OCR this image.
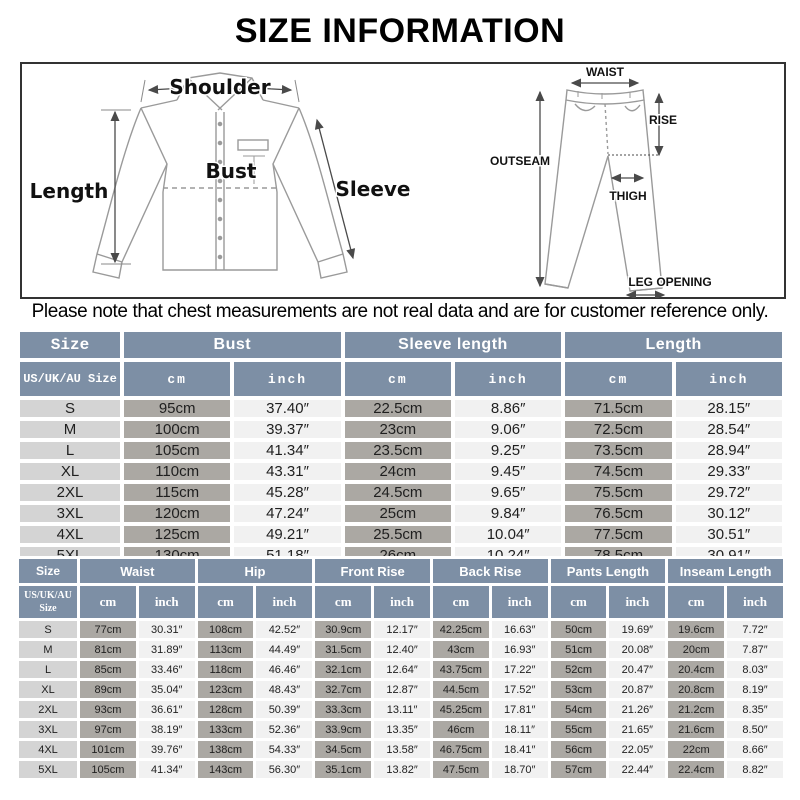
SIZE INFORMATION
Shoulder
Length
Bust
Sleeve
WAIST
RISE
OUTSEAM
THIGH
LEG OPENING
Please note that chest measurements are not real data and are for customer reference only.
Size	Bust		Sleeve length		Length	
US/UK/AU Size	cm	inch	cm	inch	cm	inch
S	95cm	37.40″	22.5cm	8.86″	71.5cm	28.15″
M	100cm	39.37″	23cm	9.06″	72.5cm	28.54″
L	105cm	41.34″	23.5cm	9.25″	73.5cm	28.94″
XL	110cm	43.31″	24cm	9.45″	74.5cm	29.33″
2XL	115cm	45.28″	24.5cm	9.65″	75.5cm	29.72″
3XL	120cm	47.24″	25cm	9.84″	76.5cm	30.12″
4XL	125cm	49.21″	25.5cm	10.04″	77.5cm	30.51″

Size	Waist		Hip		Front Rise		Back Rise		Pants Length		Inseam Length	
US/UK/AU Size	cm	inch	cm	inch	cm	inch	cm	inch	cm	inch	cm	inch
S	77cm	30.31″	108cm	42.52″	30.9cm	12.17″	42.25cm	16.63″	50cm	19.69″	19.6cm	7.72″
M	81cm	31.89″	113cm	44.49″	31.5cm	12.40″	43cm	16.93″	51cm	20.08″	20cm	7.87″
L	85cm	33.46″	118cm	46.46″	32.1cm	12.64″	43.75cm	17.22″	52cm	20.47″	20.4cm	8.03″
XL	89cm	35.04″	123cm	48.43″	32.7cm	12.87″	44.5cm	17.52″	53cm	20.87″	20.8cm	8.19″
2XL	93cm	36.61″	128cm	50.39″	33.3cm	13.11″	45.25cm	17.81″	54cm	21.26″	21.2cm	8.35″
3XL	97cm	38.19″	133cm	52.36″	33.9cm	13.35″	46cm	18.11″	55cm	21.65″	21.6cm	8.50″
4XL	101cm	39.76″	138cm	54.33″	34.5cm	13.58″	46.75cm	18.41″	56cm	22.05″	22cm	8.66″
5XL	105cm	41.34″	143cm	56.30″	35.1cm	13.82″	47.5cm	18.70″	57cm	22.44″	22.4cm	8.82″
